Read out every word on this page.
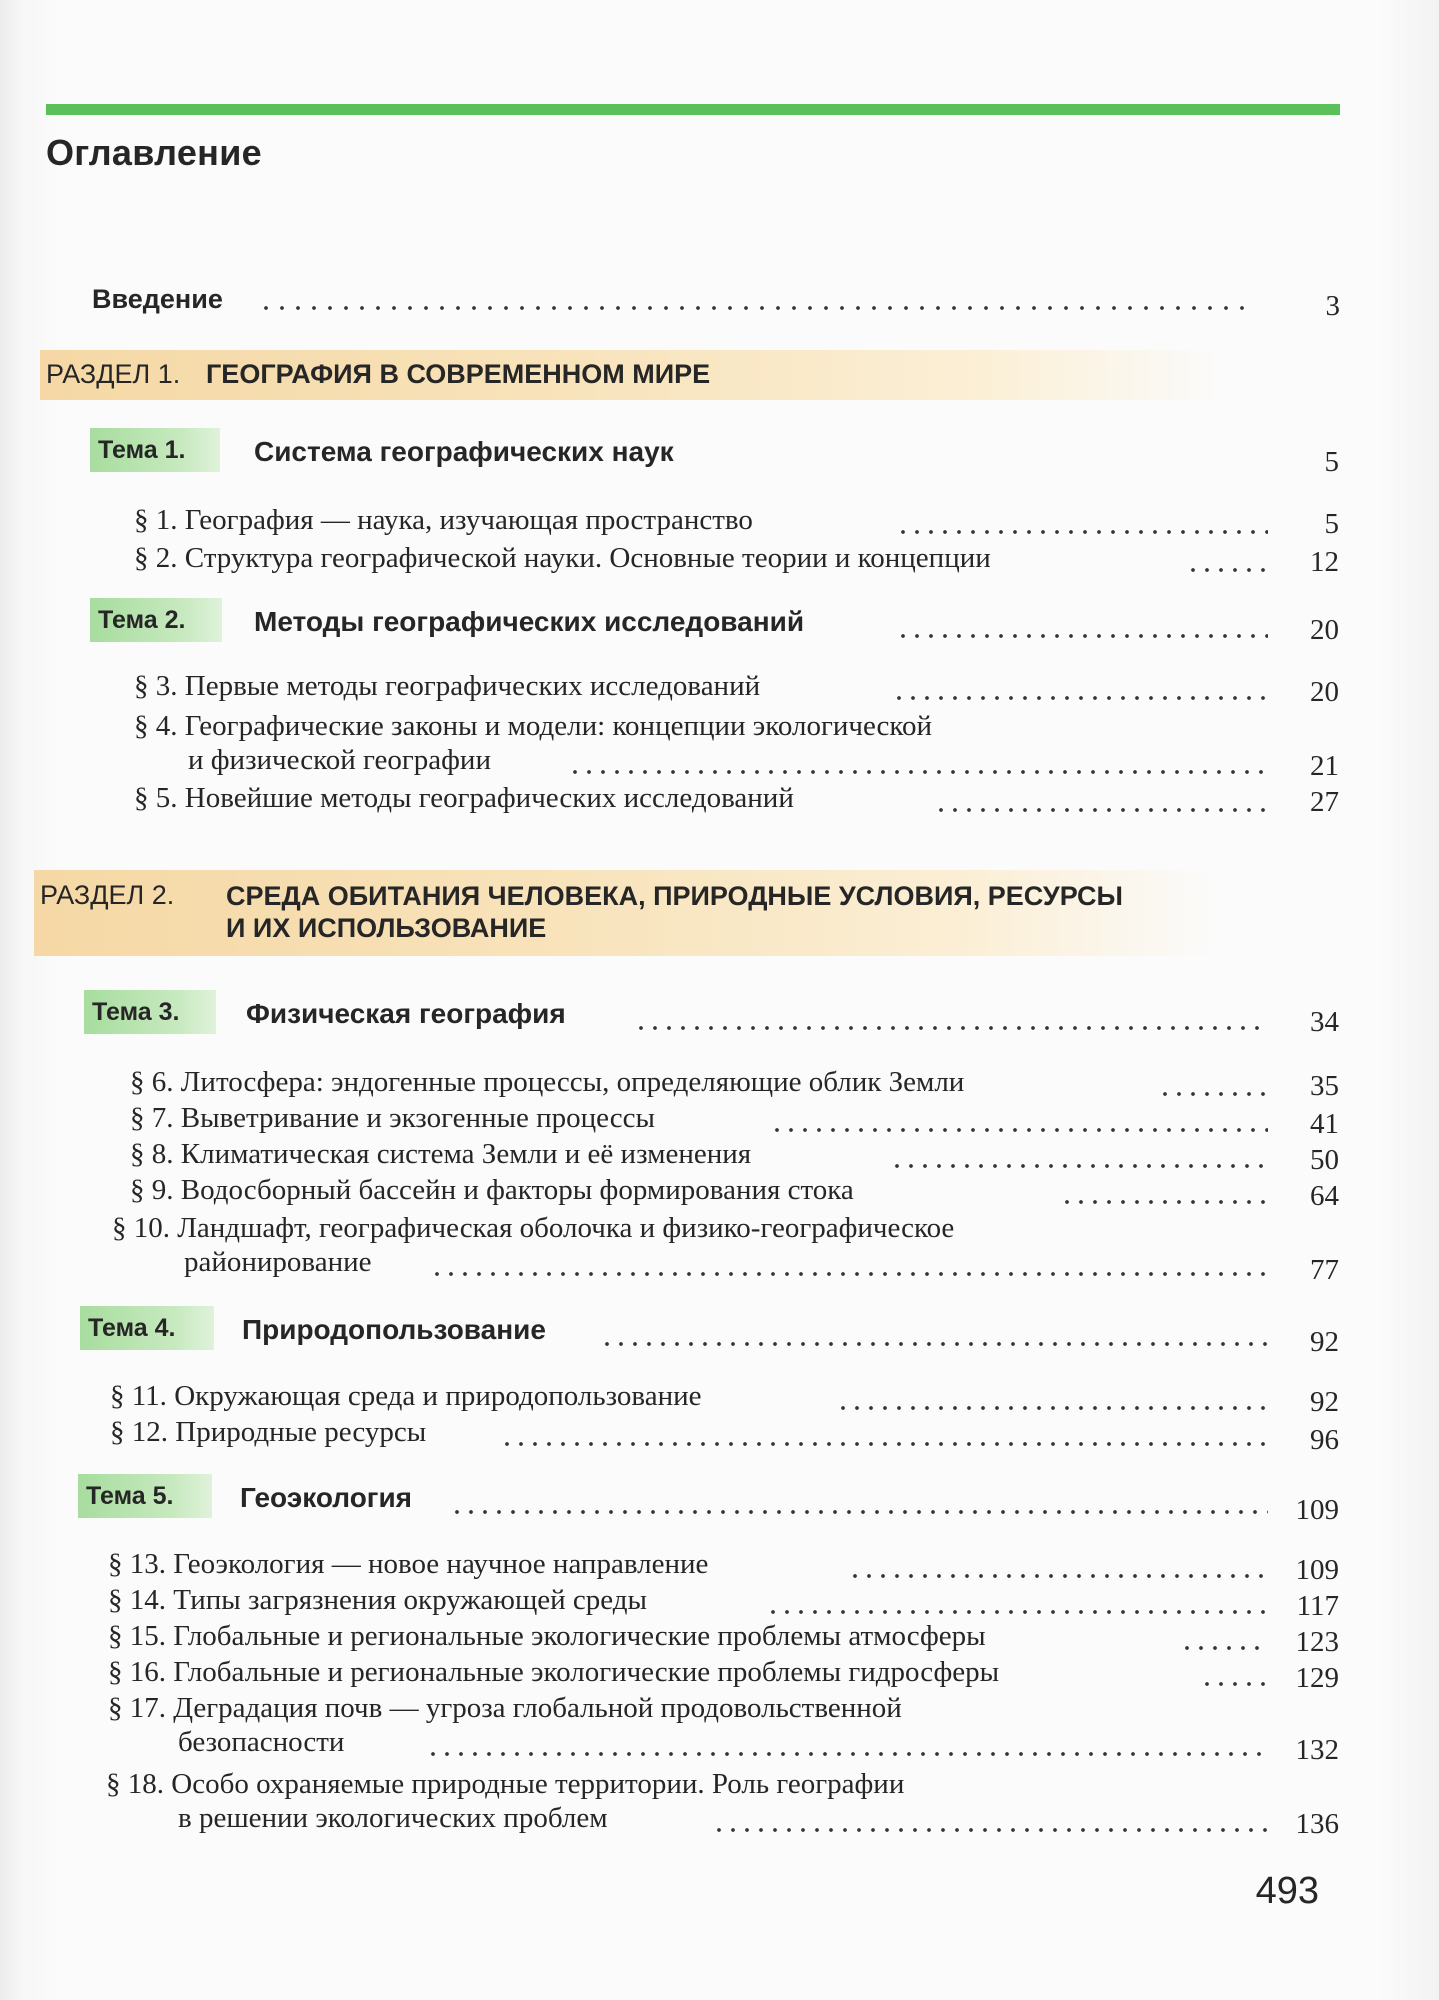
Оглавление
Введение	3
РАЗДЕЛ 1. ГЕОГРАФИЯ В СОВРЕМЕННОМ МИРЕ
Тема 1.	Система географических наук	5
§ 1. География — наука, изучающая пространство	5
§ 2. Структура географической науки. Основные теории и концепции	12
Тема 2.	Методы географических исследований	20
§ 3. Первые методы географических исследований	20
§ 4. Географические законы и модели: концепции экологической
и физической географии	21
§ 5. Новейшие методы географических исследований	27
РАЗДЕЛ 2. СРЕДА ОБИТАНИЯ ЧЕЛОВЕКА, ПРИРОДНЫЕ УСЛОВИЯ, РЕСУРСЫ
И ИХ ИСПОЛЬЗОВАНИЕ
Тема 3.	Физическая география	34
§ 6. Литосфера: эндогенные процессы, определяющие облик Земли	35
§ 7. Выветривание и экзогенные процессы	41
§ 8. Климатическая система Земли и её изменения	50
§ 9. Водосборный бассейн и факторы формирования стока	64
§ 10. Ландшафт, географическая оболочка и физико-географическое
районирование	77
Тема 4.	Природопользование	92
§ 11. Окружающая среда и природопользование	92
§ 12. Природные ресурсы	96
Тема 5.	Геоэкология	109
§ 13. Геоэкология — новое научное направление	109
§ 14. Типы загрязнения окружающей среды	117
§ 15. Глобальные и региональные экологические проблемы атмосферы	123
§ 16. Глобальные и региональные экологические проблемы гидросферы	129
§ 17. Деградация почв — угроза глобальной продовольственной
безопасности	132
§ 18. Особо охраняемые природные территории. Роль географии
в решении экологических проблем	136
493
